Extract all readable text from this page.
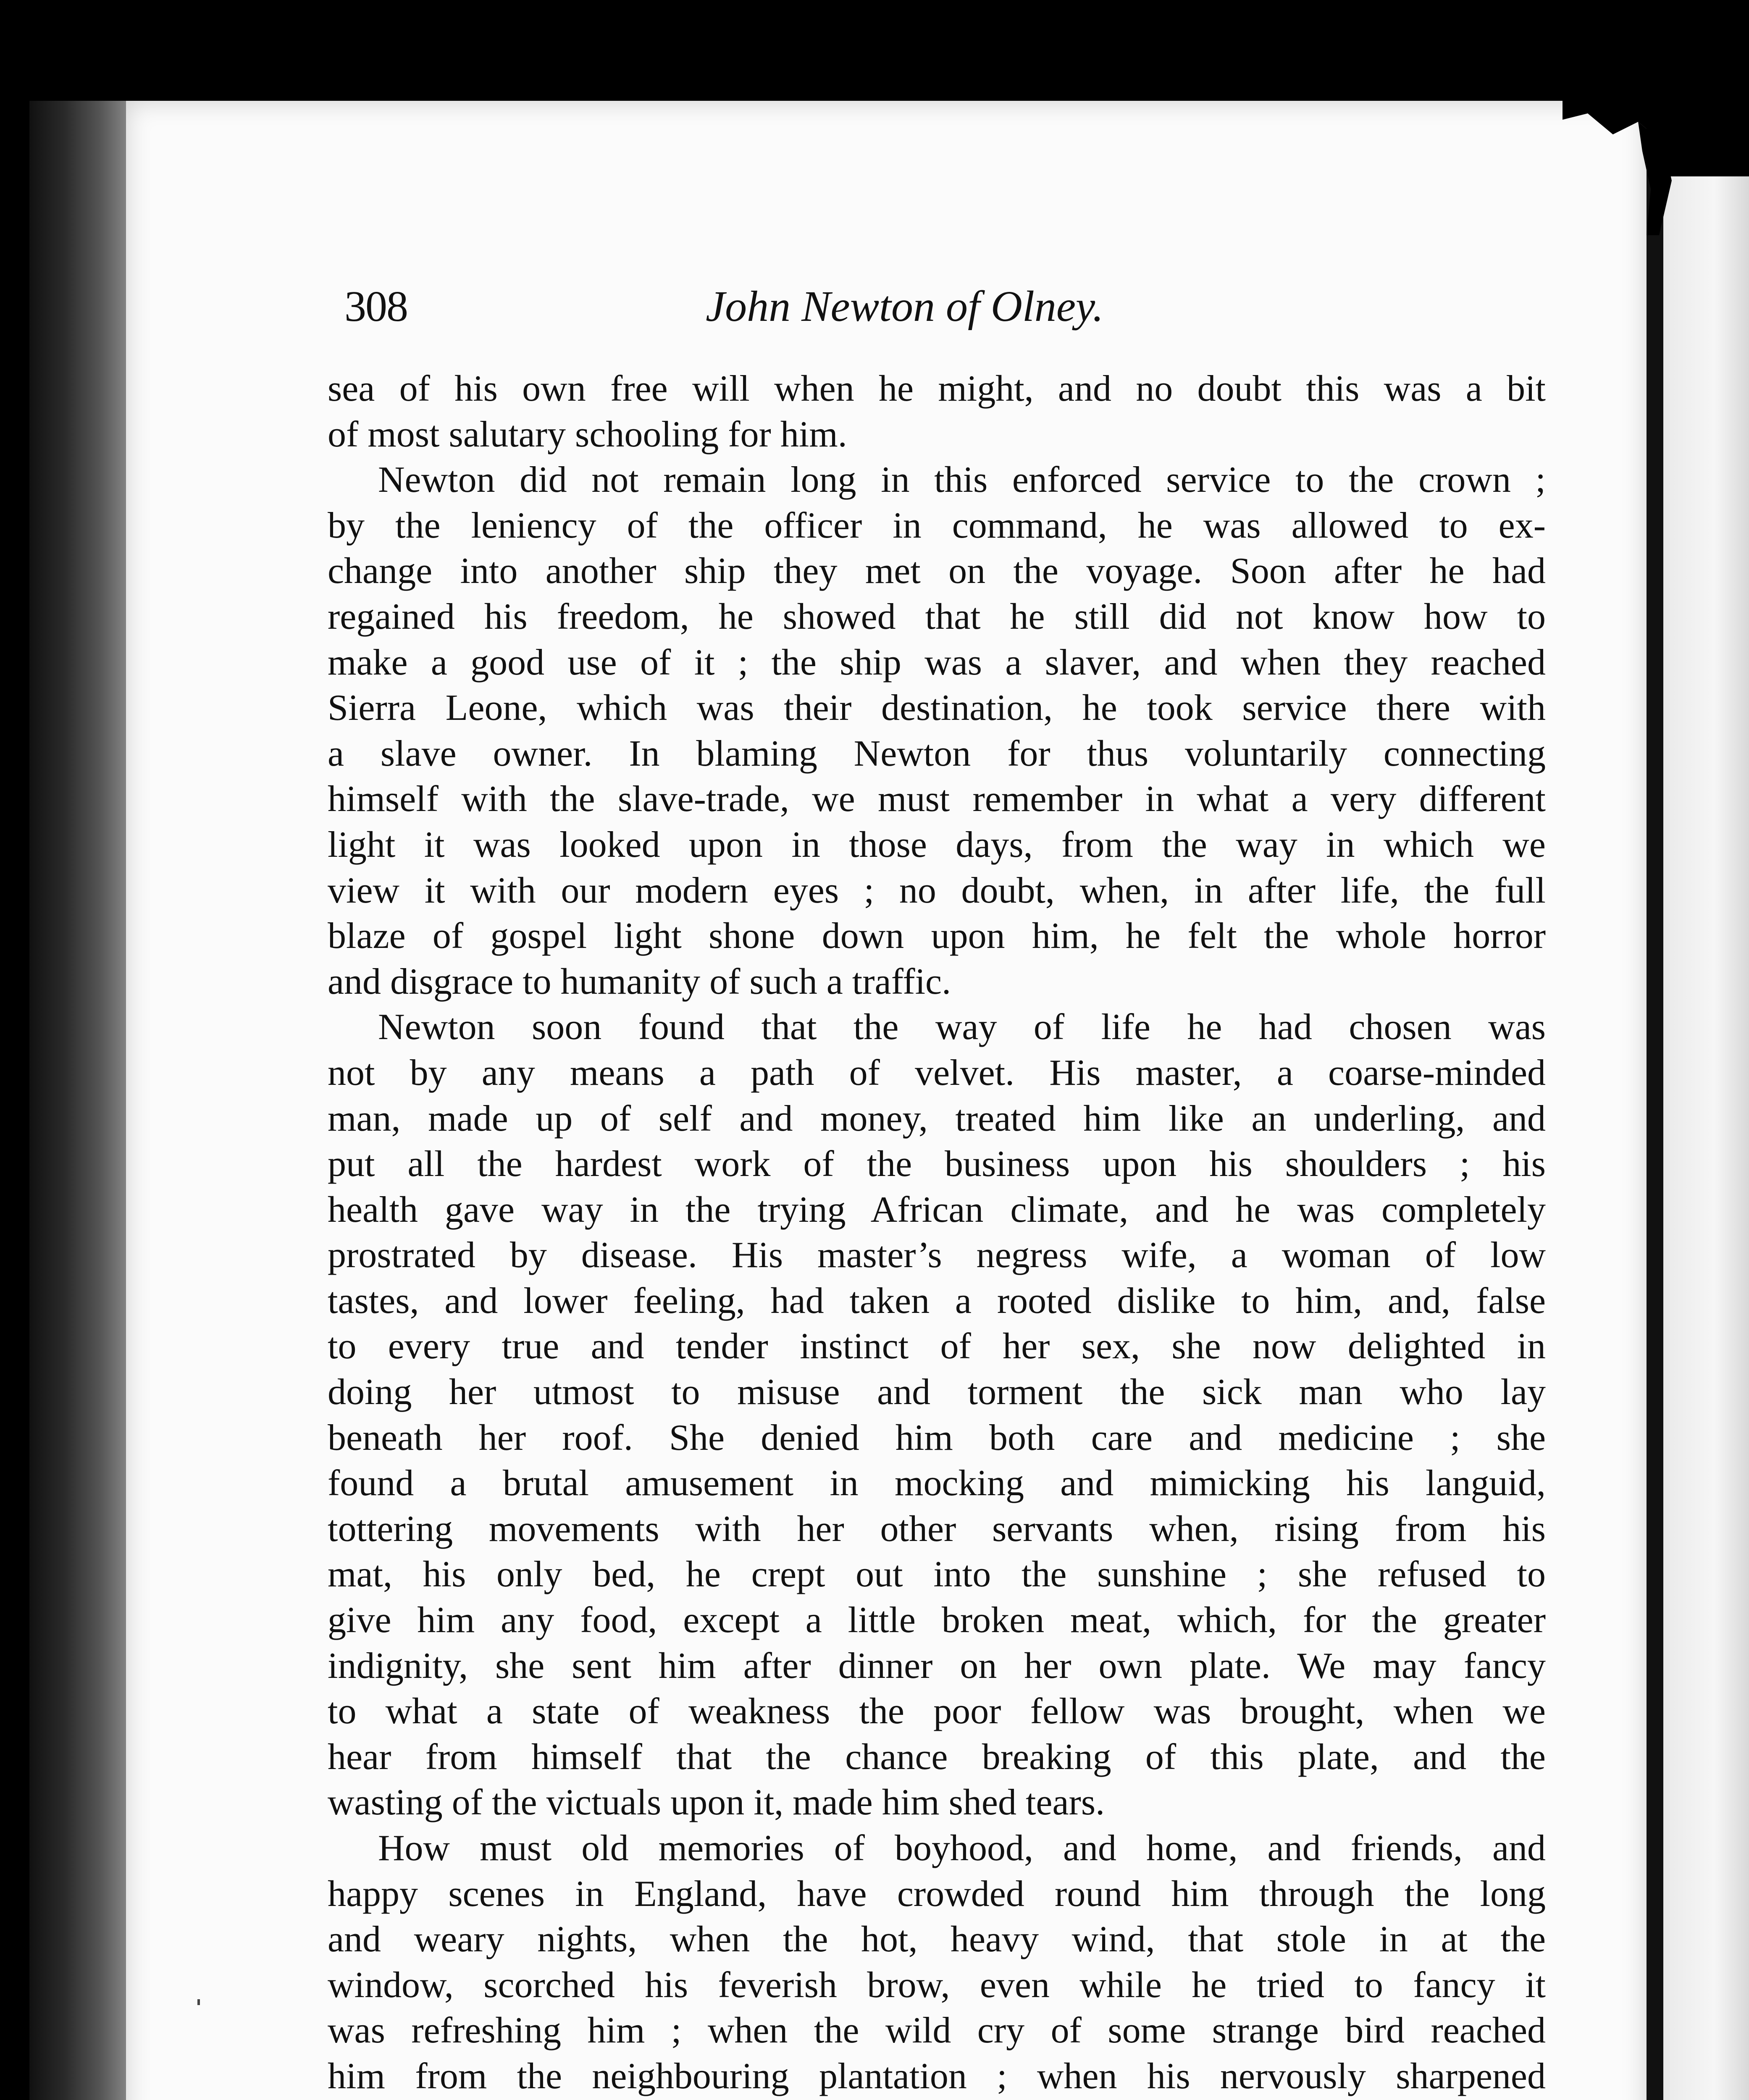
308	John Newton of Olney.
sea of his own free will when he might, and no doubt this was a bit
of most salutary schooling for him.
Newton did not remain long in this enforced service to the crown ;
by the leniency of the officer in command, he was allowed to ex-
change into another ship they met on the voyage. Soon after he had
regained his freedom, he showed that he still did not know how to
make a good use of it ; the ship was a slaver, and when they reached
Sierra Leone, which was their destination, he took service there with
a slave owner. In blaming Newton for thus voluntarily connecting
himself with the slave-trade, we must remember in what a very different
light it was looked upon in those days, from the way in which we
view it with our modern eyes ; no doubt, when, in after life, the full
blaze of gospel light shone down upon him, he felt the whole horror
and disgrace to humanity of such a traffic.
Newton soon found that the way of life he had chosen was
not by any means a path of velvet. His master, a coarse-minded
man, made up of self and money, treated him like an underling, and
put all the hardest work of the business upon his shoulders ; his
health gave way in the trying African climate, and he was completely
prostrated by disease. His master’s negress wife, a woman of low
tastes, and lower feeling, had taken a rooted dislike to him, and, false
to every true and tender instinct of her sex, she now delighted in
doing her utmost to misuse and torment the sick man who lay
beneath her roof. She denied him both care and medicine ; she
found a brutal amusement in mocking and mimicking his languid,
tottering movements with her other servants when, rising from his
mat, his only bed, he crept out into the sunshine ; she refused to
give him any food, except a little broken meat, which, for the greater
indignity, she sent him after dinner on her own plate. We may fancy
to what a state of weakness the poor fellow was brought, when we
hear from himself that the chance breaking of this plate, and the
wasting of the victuals upon it, made him shed tears.
How must old memories of boyhood, and home, and friends, and
happy scenes in England, have crowded round him through the long
and weary nights, when the hot, heavy wind, that stole in at the
window, scorched his feverish brow, even while he tried to fancy it
was refreshing him ; when the wild cry of some strange bird reached
him from the neighbouring plantation ; when his nervously sharpened
